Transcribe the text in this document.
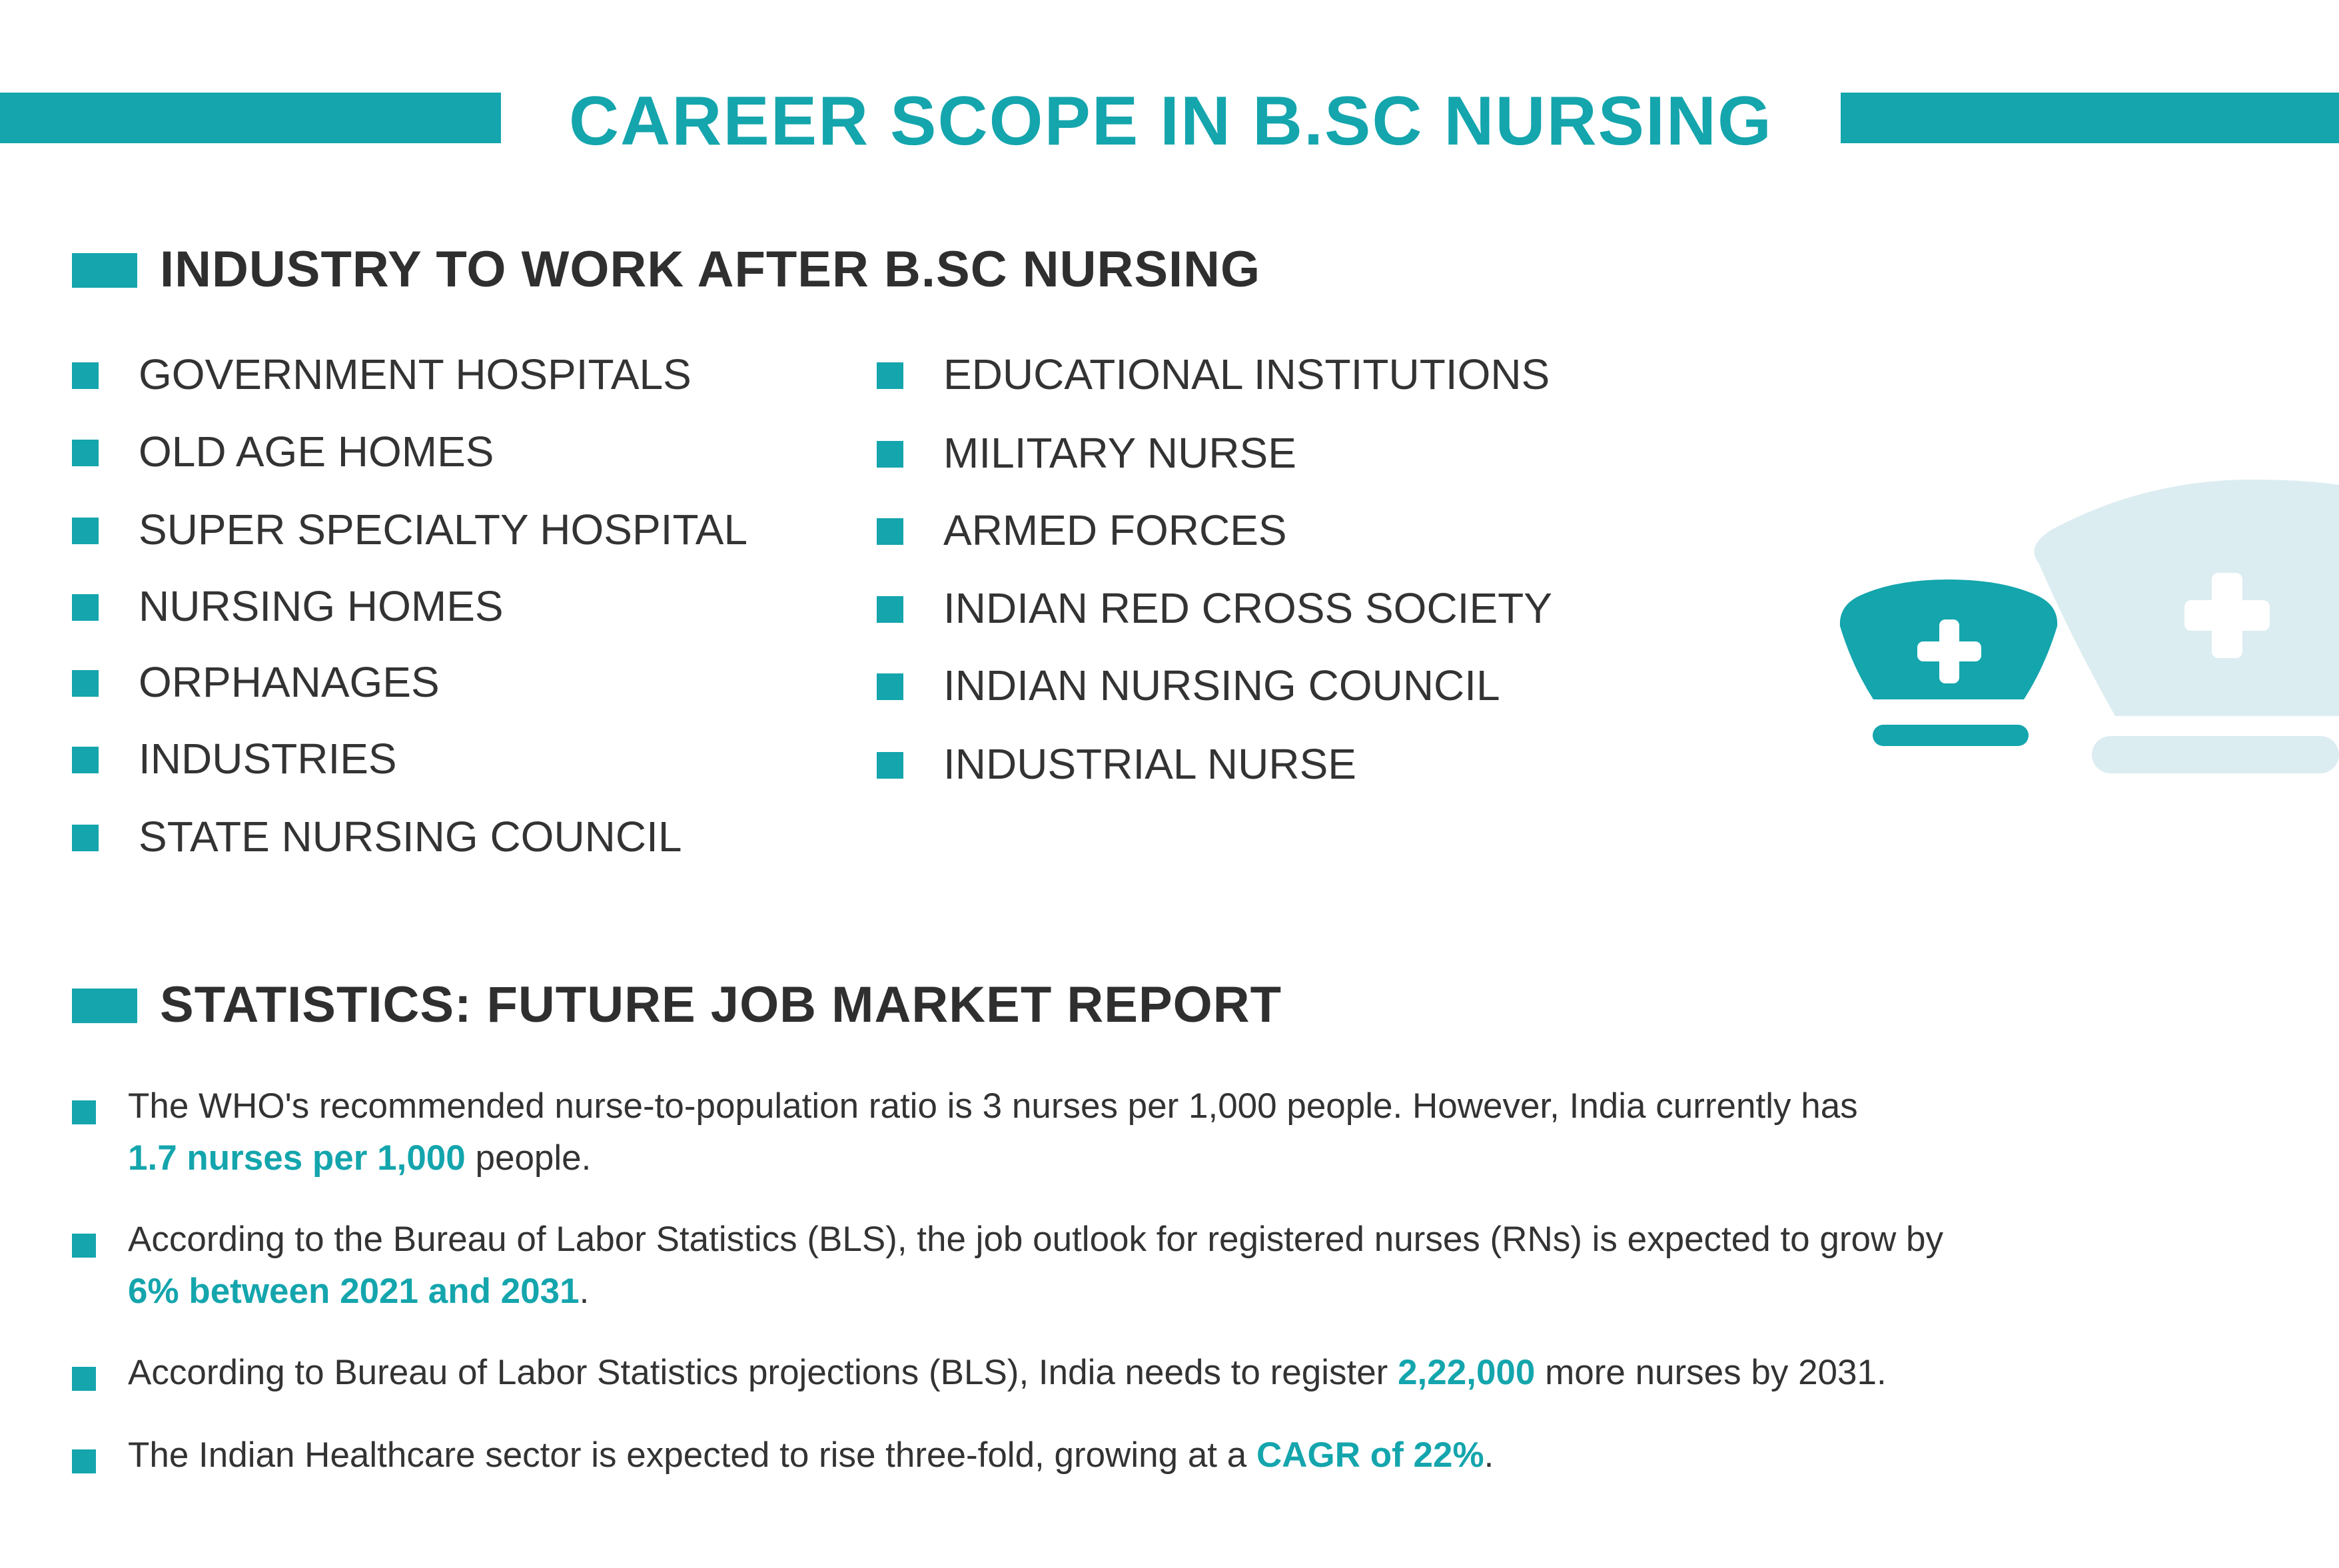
CAREER SCOPE IN B.SC NURSING
INDUSTRY TO WORK AFTER B.SC NURSING
GOVERNMENT HOSPITALS
OLD AGE HOMES
SUPER SPECIALTY HOSPITAL
NURSING HOMES
ORPHANAGES
INDUSTRIES
STATE NURSING COUNCIL
EDUCATIONAL INSTITUTIONS
MILITARY NURSE
ARMED FORCES
INDIAN RED CROSS SOCIETY
INDIAN NURSING COUNCIL
INDUSTRIAL NURSE
STATISTICS: FUTURE JOB MARKET REPORT
The WHO's recommended nurse-to-population ratio is 3 nurses per 1,000 people. However, India currently has
1.7 nurses per 1,000 people.
According to the Bureau of Labor Statistics (BLS), the job outlook for registered nurses (RNs) is expected to grow by
6% between 2021 and 2031.
According to Bureau of Labor Statistics projections (BLS), India needs to register 2,22,000 more nurses by 2031.
The Indian Healthcare sector is expected to rise three-fold, growing at a CAGR of 22%.
